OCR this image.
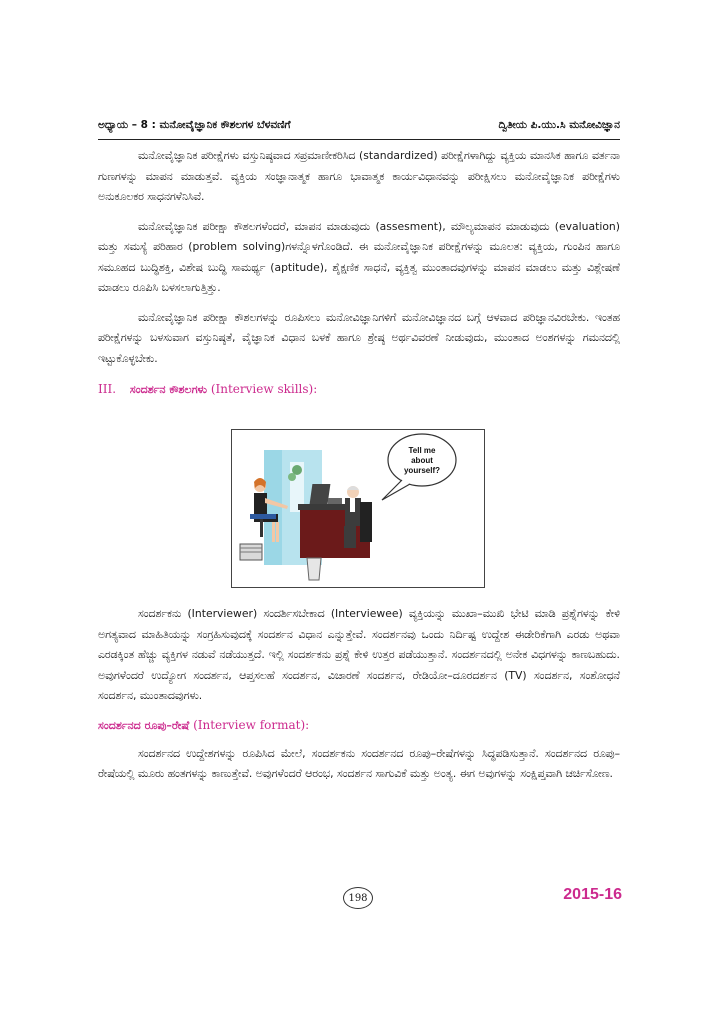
ಅಧ್ಯಾಯ – 8 : ಮನೋವೈಜ್ಞಾನಿಕ ಕೌಶಲಗಳ ಬೆಳವಣಿಗೆ	ದ್ವಿತೀಯ ಪಿ.ಯು.ಸಿ ಮನೋವಿಜ್ಞಾನ

ಮನೋವೈಜ್ಞಾನಿಕ ಪರೀಕ್ಷೆಗಳು ವಸ್ತುನಿಷ್ಠವಾದ ಸಪ್ರಮಾಣೀಕರಿಸಿದ (standardized) ಪರೀಕ್ಷೆಗಳಾಗಿದ್ದು ವ್ಯಕ್ತಿಯ ಮಾನಸಿಕ ಹಾಗೂ ವರ್ತನಾ ಗುಣಗಳನ್ನು ಮಾಪನ ಮಾಡುತ್ತವೆ. ವ್ಯಕ್ತಿಯ ಸಂಜ್ಞಾನಾತ್ಮಕ ಹಾಗೂ ಭಾವಾತ್ಮಕ ಕಾರ್ಯವಿಧಾನವನ್ನು ಪರೀಕ್ಷಿಸಲು ಮನೋವೈಜ್ಞಾನಿಕ ಪರೀಕ್ಷೆಗಳು ಅನುಕೂಲಕರ ಸಾಧನಗಳೆನಿಸಿವೆ.

ಮನೋವೈಜ್ಞಾನಿಕ ಪರೀಕ್ಷಾ ಕೌಶಲಗಳೆಂದರೆ, ಮಾಪನ ಮಾಡುವುದು (assesment), ಮೌಲ್ಯಮಾಪನ ಮಾಡುವುದು (evaluation) ಮತ್ತು ಸಮಸ್ಯೆ ಪರಿಹಾರ (problem solving)ಗಳನ್ನೊಳಗೊಂಡಿದೆ. ಈ ಮನೋವೈಜ್ಞಾನಿಕ ಪರೀಕ್ಷೆಗಳನ್ನು ಮೂಲತ: ವ್ಯಕ್ತಿಯ, ಗುಂಪಿನ ಹಾಗೂ ಸಮೂಹದ ಬುದ್ಧಿಶಕ್ತಿ, ವಿಶೇಷ ಬುದ್ಧಿ ಸಾಮರ್ಥ್ಯ (aptitude), ಶೈಕ್ಷಣಿಕ ಸಾಧನೆ, ವ್ಯಕ್ತಿತ್ವ ಮುಂತಾದವುಗಳನ್ನು ಮಾಪನ ಮಾಡಲು ಮತ್ತು ವಿಶ್ಲೇಷಣೆ ಮಾಡಲು ರೂಪಿಸಿ ಬಳಸಲಾಗುತ್ತಿತ್ತು.

ಮನೋವೈಜ್ಞಾನಿಕ ಪರೀಕ್ಷಾ ಕೌಶಲಗಳನ್ನು ರೂಪಿಸಲು ಮನೋವಿಜ್ಞಾನಿಗಳಿಗೆ ಮನೋವಿಜ್ಞಾನದ ಬಗ್ಗೆ ಆಳವಾದ ಪರಿಜ್ಞಾನವಿರಬೇಕು. ಇಂತಹ ಪರೀಕ್ಷೆಗಳನ್ನು ಬಳಸುವಾಗ ವಸ್ತುನಿಷ್ಠತೆ, ವೈಜ್ಞಾನಿಕ ವಿಧಾನ ಬಳಕೆ ಹಾಗೂ ಶ್ರೇಷ್ಠ ಅರ್ಥವಿವರಣೆ ನೀಡುವುದು, ಮುಂತಾದ ಅಂಶಗಳನ್ನು ಗಮನದಲ್ಲಿ ಇಟ್ಟುಕೊಳ್ಳಬೇಕು.

III. ಸಂದರ್ಶನ ಕೌಶಲಗಳು (Interview skills):
Tell me
about
yourself?

ಸಂದರ್ಶಕನು (Interviewer) ಸಂದರ್ಶಿಸಬೇಕಾದ (Interviewee) ವ್ಯಕ್ತಿಯನ್ನು ಮುಖಾ–ಮುಖಿ ಭೇಟಿ ಮಾಡಿ ಪ್ರಶ್ನೆಗಳನ್ನು ಕೇಳಿ ಅಗತ್ಯವಾದ ಮಾಹಿತಿಯನ್ನು ಸಂಗ್ರಹಿಸುವುದಕ್ಕೆ ಸಂದರ್ಶನ ವಿಧಾನ ಎನ್ನುತ್ತೇವೆ. ಸಂದರ್ಶನವು ಒಂದು ನಿರ್ದಿಷ್ಟ ಉದ್ದೇಶ ಈಡೇರಿಕೆಗಾಗಿ ಎರಡು ಅಥವಾ ಎರಡಕ್ಕಿಂತ ಹೆಚ್ಚು ವ್ಯಕ್ತಿಗಳ ನಡುವೆ ನಡೆಯುತ್ತದೆ. ಇಲ್ಲಿ ಸಂದರ್ಶಕನು ಪ್ರಶ್ನೆ ಕೇಳಿ ಉತ್ತರ ಪಡೆಯುತ್ತಾನೆ. ಸಂದರ್ಶನದಲ್ಲಿ ಅನೇಕ ವಿಧಗಳನ್ನು ಕಾಣಬಹುದು. ಅವುಗಳೆಂದರೆ ಉದ್ಯೋಗ ಸಂದರ್ಶನ, ಆಪ್ತಸಲಹೆ ಸಂದರ್ಶನ, ವಿಚಾರಣೆ ಸಂದರ್ಶನ, ರೇಡಿಯೋ–ದೂರದರ್ಶನ (TV) ಸಂದರ್ಶನ, ಸಂಶೋಧನೆ ಸಂದರ್ಶನ, ಮುಂತಾದವುಗಳು.

ಸಂದರ್ಶನದ ರೂಪು–ರೇಷೆ (Interview format):

ಸಂದರ್ಶನದ ಉದ್ದೇಶಗಳನ್ನು ರೂಪಿಸಿದ ಮೇಲೆ, ಸಂದರ್ಶಕನು ಸಂದರ್ಶನದ ರೂಪು–ರೇಷೆಗಳನ್ನು ಸಿದ್ಧಪಡಿಸುತ್ತಾನೆ. ಸಂದರ್ಶನದ ರೂಪು–ರೇಷೆಯಲ್ಲಿ ಮೂರು ಹಂತಗಳನ್ನು ಕಾಣುತ್ತೇವೆ. ಅವುಗಳೆಂದರೆ ಆರಂಭ, ಸಂದರ್ಶನ ಸಾಗುವಿಕೆ ಮತ್ತು ಅಂತ್ಯ. ಈಗ ಅವುಗಳನ್ನು ಸಂಕ್ಷಿಪ್ತವಾಗಿ ಚರ್ಚಿಸೋಣ.

198	2015-16
